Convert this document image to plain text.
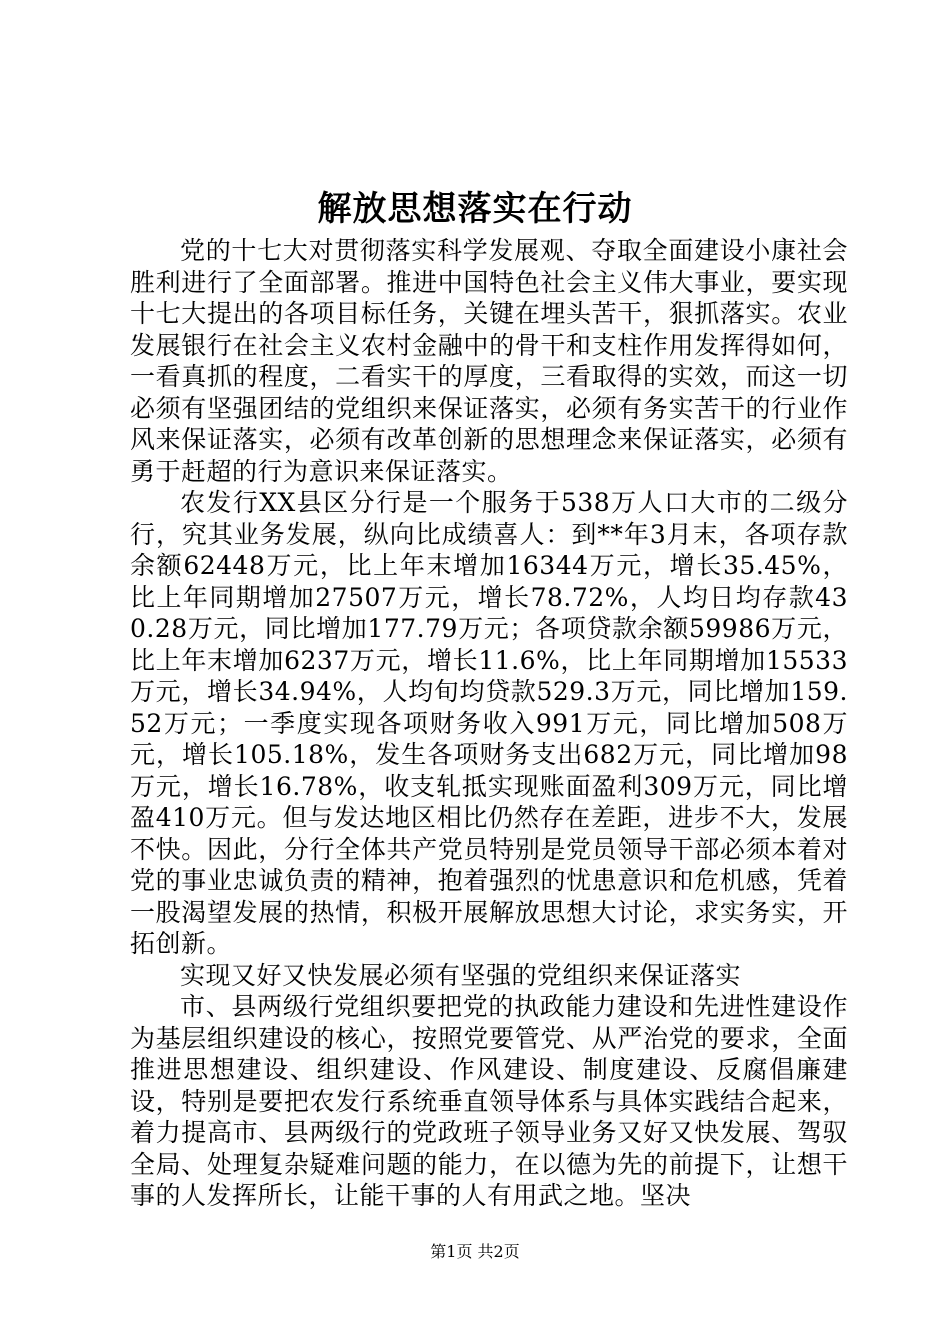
解放思想落实在行动

党的十七大对贯彻落实科学发展观、夺取全面建设小康社会胜利进行了全面部署。推进中国特色社会主义伟大事业，要实现十七大提出的各项目标任务，关键在埋头苦干，狠抓落实。农业发展银行在社会主义农村金融中的骨干和支柱作用发挥得如何，一看真抓的程度，二看实干的厚度，三看取得的实效，而这一切必须有坚强团结的党组织来保证落实，必须有务实苦干的行业作风来保证落实，必须有改革创新的思想理念来保证落实，必须有勇于赶超的行为意识来保证落实。

农发行XX县区分行是一个服务于538万人口大市的二级分行，究其业务发展，纵向比成绩喜人：到**年3月末，各项存款余额62448万元，比上年末增加16344万元，增长35.45%，比上年同期增加27507万元，增长78.72%，人均日均存款430.28万元，同比增加177.79万元；各项贷款余额59986万元，比上年末增加6237万元，增长11.6%，比上年同期增加15533万元，增长34.94%，人均旬均贷款529.3万元，同比增加159.52万元；一季度实现各项财务收入991万元，同比增加508万元，增长105.18%，发生各项财务支出682万元，同比增加98万元，增长16.78%，收支轧抵实现账面盈利309万元，同比增盈410万元。但与发达地区相比仍然存在差距，进步不大，发展不快。因此，分行全体共产党员特别是党员领导干部必须本着对党的事业忠诚负责的精神，抱着强烈的忧患意识和危机感，凭着一股渴望发展的热情，积极开展解放思想大讨论，求实务实，开拓创新。

实现又好又快发展必须有坚强的党组织来保证落实

市、县两级行党组织要把党的执政能力建设和先进性建设作为基层组织建设的核心，按照党要管党、从严治党的要求，全面推进思想建设、组织建设、作风建设、制度建设、反腐倡廉建设，特别是要把农发行系统垂直领导体系与具体实践结合起来，着力提高市、县两级行的党政班子领导业务又好又快发展、驾驭全局、处理复杂疑难问题的能力，在以德为先的前提下，让想干事的人发挥所长，让能干事的人有用武之地。坚决

第1页 共2页
